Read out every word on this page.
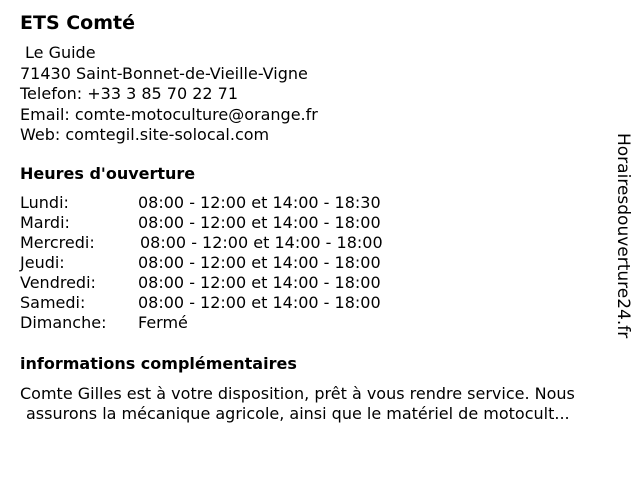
ETS Comté
Le Guide
71430 Saint-Bonnet-de-Vieille-Vigne
Telefon: +33 3 85 70 22 71
Email: comte-motoculture@orange.fr
Web: comtegil.site-solocal.com
Heures d'ouverture
Lundi:	08:00 - 12:00 et 14:00 - 18:30
Mardi:	08:00 - 12:00 et 14:00 - 18:00
Mercredi:	08:00 - 12:00 et 14:00 - 18:00
Jeudi:	08:00 - 12:00 et 14:00 - 18:00
Vendredi:	08:00 - 12:00 et 14:00 - 18:00
Samedi:	08:00 - 12:00 et 14:00 - 18:00
Dimanche: Fermé
informations complémentaires
Comte Gilles est à votre disposition, prêt à vous rendre service. Nous
assurons la mécanique agricole, ainsi que le matériel de motocult...
Horairesdouverture24.fr
